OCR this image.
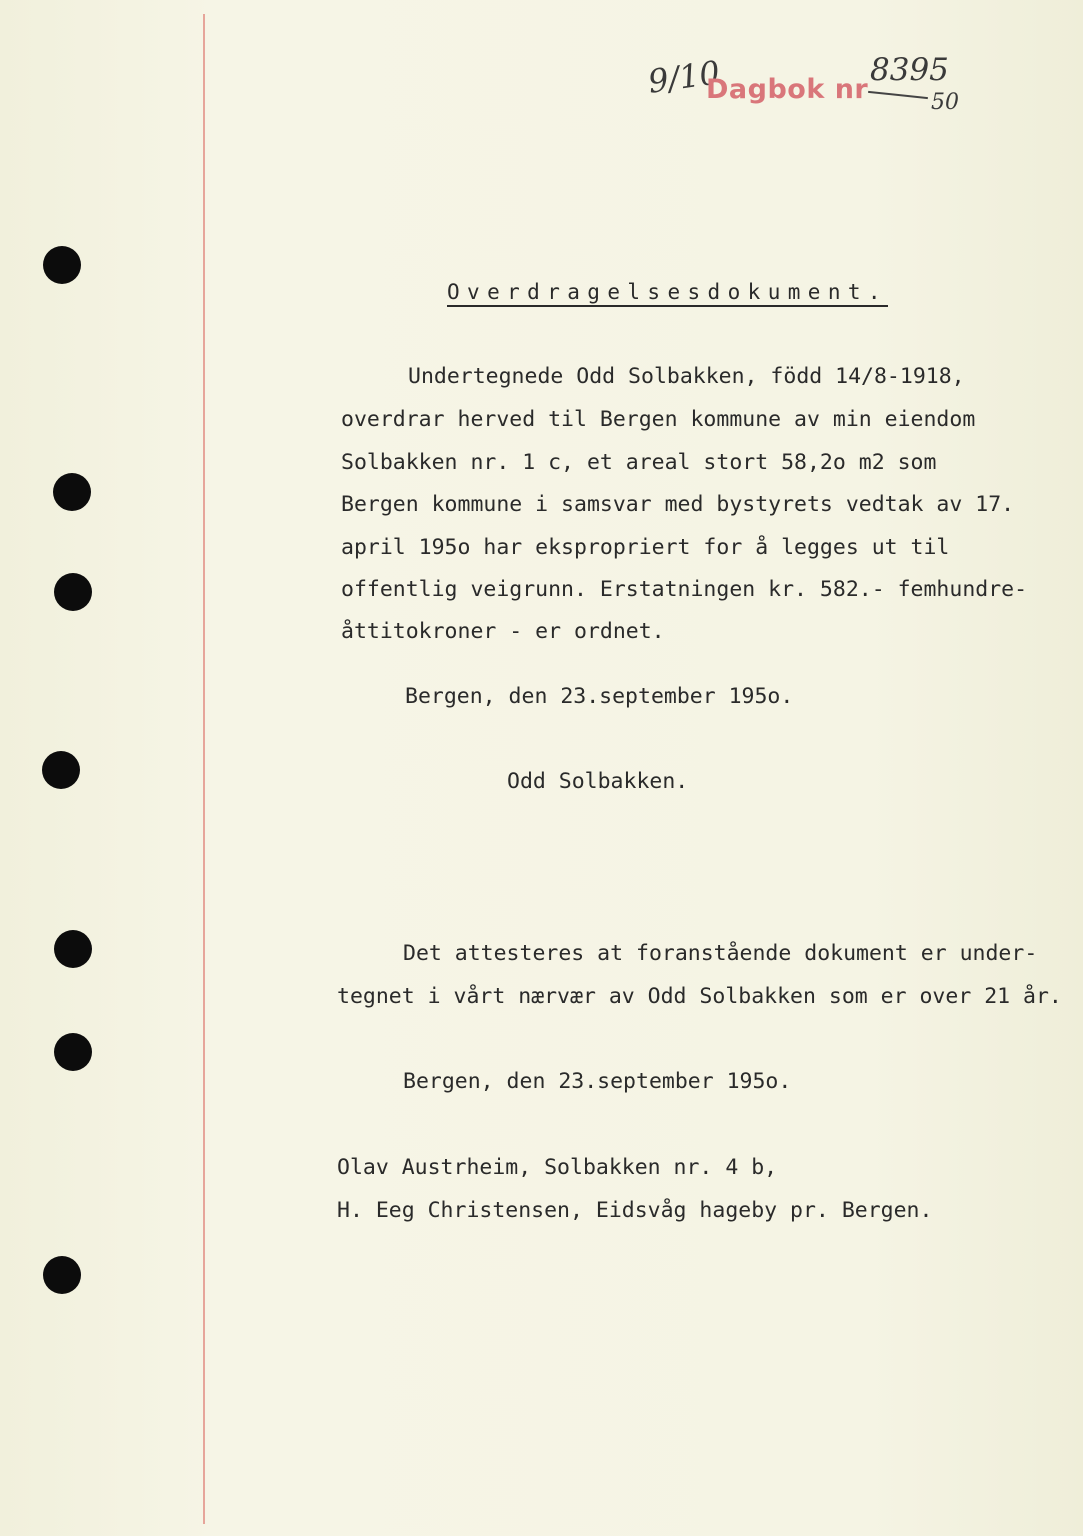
9/10
Dagbok nr
8395
50
Overdragelsesdokument.
Undertegnede Odd Solbakken, född 14/8-1918,
overdrar herved til Bergen kommune av min eiendom
Solbakken nr. 1 c, et areal stort 58,2o m2 som
Bergen kommune i samsvar med bystyrets vedtak av 17.
april 195o har ekspropriert for å legges ut til
offentlig veigrunn. Erstatningen kr. 582.- femhundre-
åttitokroner - er ordnet.
Bergen, den 23.september 195o.
Odd Solbakken.
Det attesteres at foranstående dokument er under-
tegnet i vårt nærvær av Odd Solbakken som er over 21 år.
Bergen, den 23.september 195o.
Olav Austrheim, Solbakken nr. 4 b,
H. Eeg Christensen, Eidsvåg hageby pr. Bergen.
